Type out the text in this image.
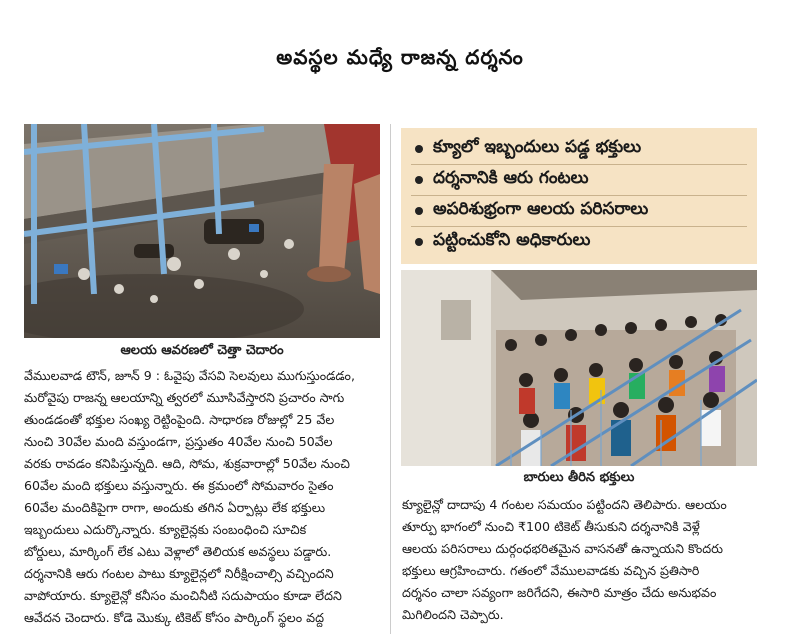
అవస్థల మధ్యే రాజన్న దర్శనం
ఆలయ ఆవరణలో చెత్తా చెదారం
క్యూలో ఇబ్బందులు పడ్డ భక్తులు
దర్శనానికి ఆరు గంటలు
అపరిశుభ్రంగా ఆలయ పరిసరాలు
పట్టించుకోని అధికారులు
బారులు తీరిన భక్తులు

వేములవాడ టౌన్, జూన్ 9 : ఓవైపు వేసవి సెలవులు ముగుస్తుండడం,

మరోవైపు రాజన్న ఆలయాన్ని త్వరలో మూసివేస్తారని ప్రచారం సాగు

తుండడంతో భక్తుల సంఖ్య రెట్టింపైంది. సాధారణ రోజుల్లో 25 వేల

నుంచి 30వేల మంది వస్తుండగా, ప్రస్తుతం 40వేల నుంచి 50వేల

వరకు రావడం కనిపిస్తున్నది. ఆది, సోమ, శుక్రవారాల్లో 50వేల నుంచి

60వేల మంది భక్తులు వస్తున్నారు. ఈ క్రమంలో సోమవారం సైతం

60వేల మందికిపైగా రాగా, అందుకు తగిన ఏర్పాట్లు లేక భక్తులు

ఇబ్బందులు ఎదుర్కొన్నారు. క్యూలైన్లకు సంబంధించి సూచిక

బోర్డులు, మార్కింగ్ లేక ఎటు వెళ్లాలో తెలియక అవస్థలు పడ్డారు.

దర్శనానికి ఆరు గంటల పాటు క్యూలైన్లలో నిరీక్షించాల్సి వచ్చిందని

వాపోయారు. క్యూలైన్లో కనీసం మంచినీటి సదుపాయం కూడా లేదని

ఆవేదన చెందారు. కోడె మొక్కు టికెట్ కోసం పార్కింగ్ స్థలం వద్ద

క్యూలైన్లో దాదాపు 4 గంటల సమయం పట్టిందని తెలిపారు. ఆలయం

తూర్పు భాగంలో నుంచి ₹100 టికెట్ తీసుకుని దర్శనానికి వెళ్లే

ఆలయ పరిసరాలు దుర్గంధభరితమైన వాసనతో ఉన్నాయని కొందరు

భక్తులు ఆగ్రహించారు. గతంలో వేములవాడకు వచ్చిన ప్రతిసారి

దర్శనం చాలా సవ్యంగా జరిగేదని, ఈసారి మాత్రం చేదు అనుభవం

మిగిలిందని చెప్పారు.
